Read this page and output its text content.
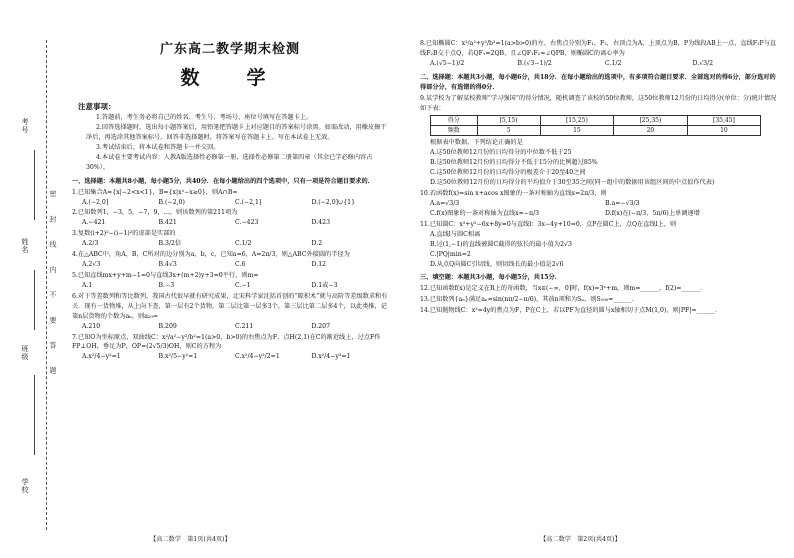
考号
姓名
班级
学校
密 封 线 内 不 要 答 题
广东高二教学期末检测
数　学
注意事项：
1.答题前，考生务必将自己的姓名、考生号、考场号、座位号填写在答题卡上。
2.回答选择题时，选出每小题答案后，用铅笔把答题卡上对应题目的答案标号涂黑。如需改动，用橡皮擦干净后，再选涂其他答案标号。回答非选择题时，将答案写在答题卡上。写在本试卷上无效。
3.考试结束后，将本试卷和答题卡一并交回。
4.本试卷主要考试内容：人教A版选择性必修第一册，选择性必修第二册第四章（其余已学必修内容占30%）。
一、选择题：本题共8小题，每小题5分，共40分．在每小题给出的四个选项中，只有一项是符合题目要求的．
1.已知集合A={x|−2<x<1}，B={x|x²−x≥0}，则A∩B=
A.(−2,0]	B.(−2,0)	C.(−2,1]	D.(−2,0]∪{1}
2.已知数列1，−3，5，−7，9，…，则该数列的第211项为
A.−421	B.421	C.−423	D.423
3.复数(i+2)²−(i−1)²的虚部是实部的
A.2/3	B.3/2倍	C.1/2	D.2
4.在△ABC中，角A，B，C所对的边分别为a，b，c，已知a=6，A=2π/3，则△ABC外接圆的半径为
A.2√3	B.4√3	C.6	D.12
5.已知直线mx+y+m−1=0与直线3x+(m+2)y+3=0平行，则m=
A.1	B.−3	C.−1	D.1或−3
6.对于等差数列和等比数列，我国古代很早就有研究成果，北宋科学家沈括首创的“隙积术”就与高阶等差级数求和有关．现有一货物堆，从上向下查，第一层有2个货物，第二层比第一层多3个，第三层比第二层多4个，以此类推，记第n层货物的个数为aₙ，则a₂₀=
A.210	B.209	C.211	D.207
7.已知O为坐标原点，双曲线C：x²/a²−y²/b²=1(a>0，b>0)的右焦点为F，点H(2,1)在C的渐近线上，过点F作FP⊥OH，垂足为P，OP=(2√5/3)OH，则C的方程为
A.x²/4−y²=1	B.x²/5−y²=1	C.x²/4−y²/2=1	D.x²/4−y²=1
【高二数学　第1页(共4页)】
8.已知椭圆C：x²/a²+y²/b²=1(a>b>0)的左、右焦点分别为F₁，F₂，右顶点为A，上顶点为B，P为线段AB上一点，直线F₁P与直线F₂B交于点Q，若QF₁=2QB，且∠QF₁F₂=∠QPB，则椭圆C的离心率为
A.(√5−1)/2	B.(√3−1)/2	C.1/2	D.√3/2
二、选择题：本题共3小题，每小题6分，共18分．在每小题给出的选项中，有多项符合题目要求．全部选对的得6分，部分选对的得部分分，有选错的得0分．
9.某学校为了解某校教师“学习强国”的得分情况，随机调查了该校的50位教师，这50位教师12月份的日均得分(单位：分)统计情况如下表：
得分	[5,15)	[15,25)	[25,35)	[35,45]
频数	5	15	20	10
根据表中数据，下列结论正确的是
A.这50位教师12月份的日均得分的中位数不低于25
B.这50位教师12月份的日均得分不低于15分的比例超过85%
C.这50位教师12月份的日均得分的极差介于20至40之间
D.这50位教师12月份的日均得分的平均值介于30至35之间(同一组中的数据用该组区间的中点值作代表)
10.若函数f(x)=sin x+acos x图象的一条对称轴为直线x=2π/3，则
A.a=√3/3	B.a=−√3/3
C.f(x)图象的一条对称轴为直线x=−π/3	D.f(x)在(−π/3，5π/6)上单调递增
11.已知圆C：x²+y²−6x+8y=0与直线l：3x−4y+10=0，点P在圆C上，点Q在直线l上，则
A.直线l与圆C相离
B.过(1,−1)的直线被圆C截得的弦长的最小值为2√3
C.|PQ|min=2
D.从点Q向圆C引切线，则切线长的最小值是2√6
三、填空题：本题共3小题，每小题5分，共15分．
12.已知函数f(x)是定义在R上的奇函数，当x∈(−∞，0]时，f(x)=3ˣ+m，则m=______，f(2)=______．
13.已知数列{aₙ}满足aₙ=sin(nπ/2−π/6)，其前n项和为Sₙ，则S₁₀₀=______．
14.已知抛物线C：x²=4y的焦点为F，P在C上，若以PF为直径的圆与x轴相切于点M(1,0)，则|PF|=______．
【高二数学　第2页(共4页)】
